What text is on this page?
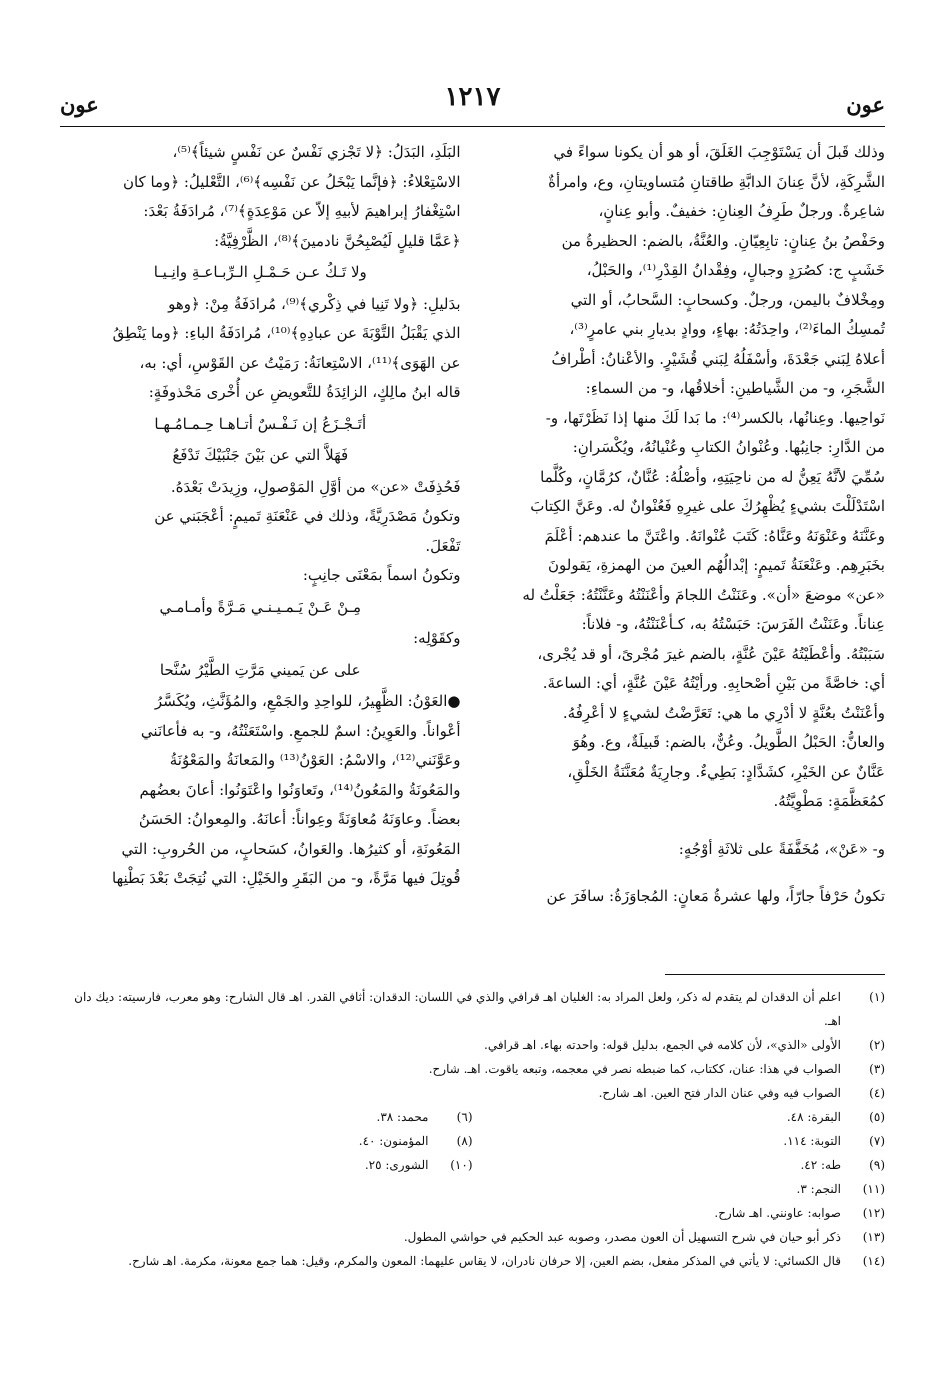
عون
١٢١٧
عون

وذلك قَبلَ أن يَسْتَوْجِبَ الغَلَقَ، أو هو أن يكونا سواءً في

الشَّرِكَةِ، لأنَّ عِنانَ الدابَّةِ طاقتانِ مُتساويتانِ، وع، وامرأةٌ

شاعِرةٌ. ورجلٌ طَرِفُ العِنانِ: خفيفٌ. وأبو عِنانٍ،

وحَفْصُ بنُ عِنانٍ: تابِعِيّانِ. والعُنَّةُ، بالضم: الحظيرةُ من

خَشَبٍ ج: كصُرَدٍ وجبالٍ، وفِقْدانُ القِدْرِ⁽¹⁾، والحَبْلُ،

ومِخْلافٌ باليمن، ورجلٌ. وكسحابٍ: السَّحابُ، أو التي

تُمسِكُ الماءَ⁽²⁾، واحِدَتُهُ: بهاءٍ، ووادٍ بديارِ بني عامرٍ⁽³⁾،

أعلاهُ لِبَني جَعْدَةَ، وأسْفَلُهُ لِبَني قُشَيْرٍ. والأعْنانُ: أطْرافُ

الشَّجَرِ، و- من الشَّياطينِ: أخلاقُها، و- من السماءِ:

نَواحِيها. وعِنانُها، بالكسر⁽⁴⁾: ما بَدا لَكَ منها إذا نَظَرْتَها، و-

من الدَّارِ: جانِبُها. وعُنْوانُ الكتابِ وعُنْيانُهُ، ويُكْسَرانِ:

سُمِّيَ لأنَّهُ يَعِنُّ له من ناحِيَتِهِ، وأصْلُهُ: عُنَّانٌ، كرُمَّانٍ، وكُلَّما

اسْتَدْلَلْتَ بشيءٍ يُظْهِرُكَ على غيرِهِ فَعُنْوانٌ له. وعَنَّ الكِتابَ

وعَنَّنَهُ وعَنْوَنَهُ وعَنَّاهُ: كَتَبَ عُنْوانَهُ. واعْتَنَّ ما عندهم: أعْلَمَ

بخَبَرِهِم. وعَنْعَنَةُ تَميمٍ: إبْدالُهُم العينَ من الهمزةِ، يَقولونَ

«عن» موضعَ «أن». وعَنَنْتُ اللجامَ وأعْنَنْتُهُ وعَنَّنْتُهُ: جَعَلْتُ له

عِناناً. وعَنَنْتُ الفَرَسَ: حَبَسْتُهُ به، كـأعْنَنْتُهُ، و- فلاناً:

سَبَبْتُهُ. وأعْطَيْتُهُ عَيْنَ عُنَّةٍ، بالضم غيرَ مُجْرىً، أو قد يُجْرى،

أي: خاصَّةً من بَيْنِ أصْحابِهِ. ورأيْتُهُ عَيْنَ عُنَّةٍ، أي: الساعةَ.

وأعْنَنْتُ بعُنَّةٍ لا أدْرِي ما هي: تَعَرَّضْتُ لشيءٍ لا أعْرِفُهُ.

والعانُّ: الحَبْلُ الطَّويلُ. وعُنٌّ، بالضم: قَبيلَةٌ، وع. وهُوَ

عَنَّانٌ عن الخَيْرِ، كشَدَّادٍ: بَطِيءٌ. وجارِيَةٌ مُعَنَّنَةُ الخَلْقِ،

كمُعَظَّمَةٍ: مَطْوِيَّتُهُ.

و- «عَنْ»، مُخَفَّفَةً على ثلاثَةِ أوْجُهٍ:

تكونُ حَرْفاً جارّاً، ولها عشرةُ مَعانٍ: المُجاوَزَةُ: سافَرَ عن

البَلَدِ، البَدَلُ: ﴿لا تَجْزي نَفْسٌ عن نَفْسٍ شيئاً﴾⁽⁵⁾،

الاسْتِعْلاءُ: ﴿فإنَّما يَبْخَلُ عن نَفْسِه﴾⁽⁶⁾، التَّعْليلُ: ﴿وما كان

اسْتِغْفارُ إبراهيمَ لأبيهِ إلاّ عن مَوْعِدَةٍ﴾⁽⁷⁾، مُرادَفَةُ بَعْدَ:

﴿عَمَّا قليلٍ لَيُصْبِحُنَّ نادمينَ﴾⁽⁸⁾، الظَّرْفِيَّةُ:

ولا تَـكُ عـن حَـمْـلِ الـرِّبـاعـةِ وانِـيـا

بدَليلِ: ﴿ولا تَنِيا في ذِكْري﴾⁽⁹⁾، مُرادَفَةُ مِنْ: ﴿وهو

الذي يَقْبَلُ التَّوْبَةَ عن عبادِهِ﴾⁽¹⁰⁾، مُرادَفَةُ الباءِ: ﴿وما يَنْطِقُ

عن الهَوَى﴾⁽¹¹⁾، الاسْتِعانَةُ: رَمَيْتُ عن القَوْسِ، أي: به،

قاله ابنُ مالِكٍ، الزائِدَةُ للتَّعويضِ عن أُخْرى مَحْذوفَةٍ:

أتَـجْـزَعُ إن نَـفْـسٌ أتـاهـا حِـمـامُـهـا

فَهَلاَّ التي عن بَيْنَ جَنْبَيْكَ تَدْفَعُ

فَحُذِفَتْ «عن» من أوَّلِ المَوْصولِ، وزِيدَتْ بَعْدَهُ.

وتكونُ مَصْدَرِيَّةً، وذلك في عَنْعَنَةِ تَميمٍ: أعْجَبَني عن

تَفْعَلَ.

وتكونُ اسماً بمَعْنَى جانِبٍ:

مِـنْ عَـنْ يَـمـيـنـي مَـرَّةً وأمـامـي

وكقَوْلِه:

على عن يَميني مَرَّتِ الطَّيْرُ سُنَّحا

●العَوْنُ: الظَّهِيرُ، للواحِدِ والجَمْعِ، والمُؤَنَّثِ، ويُكَسَّرُ

أعْواناً. والعَوِينُ: اسمٌ للجمعِ. واسْتَعَنْتُهُ، و- به فأعانَني

وعَوَّنَني⁽¹²⁾، والاسْمُ: العَوْنُ⁽¹³⁾ والمَعانَةُ والمَعْوُنَةُ

والمَعُونَةُ والمَعُونُ⁽¹⁴⁾، وتَعاوَنُوا واعْتَوَنُوا: أعانَ بعضُهم

بعضاً. وعاوَنَهُ مُعاوَنَةً وعِواناً: أعانَهُ. والمِعوانُ: الحَسَنُ

المَعُونَةِ، أو كثيرُها. والعَوانُ، كسَحابٍ، من الحُروبِ: التي

قُوتِلَ فيها مَرَّةً، و- من البَقَرِ والخَيْلِ: التي نُتِجَتْ بَعْدَ بَطْنِها

(١)
اعلم أن الدقدان لم يتقدم له ذكر، ولعل المراد به: الغليان اهـ قرافي والذي في اللسان: الدقدان: أثافي القدر. اهـ قال الشارح: وهو معرب، فارسيته: ديك دان اهـ.
(٢)
الأولى «الذي»، لأن كلامه في الجمع، بدليل قوله: واحدته بهاء. اهـ قرافي.
(٣)
الصواب في هذا: عنان، ككتاب، كما ضبطه نصر في معجمه، وتبعه ياقوت. اهـ. شارح.
(٤)
الصواب فيه وفي عنان الدار فتح العين. اهـ شارح.
(٥)
البقرة: ٤٨.
(٦)
محمد: ٣٨.
(٧)
التوبة: ١١٤.
(٨)
المؤمنون: ٤٠.
(٩)
طه: ٤٢.
(١٠)
الشورى: ٢٥.
(١١)
النجم: ٣.
(١٢)
صوابه: عاونني. اهـ شارح.
(١٣)
ذكر أبو حيان في شرح التسهيل أن العون مصدر، وصوبه عبد الحكيم في حواشي المطول.
(١٤)
قال الكسائي: لا يأتي في المذكر مفعل، بضم العين، إلا حرفان نادران، لا يقاس عليهما: المعون والمكرم، وقيل: هما جمع معونة، مكرمة. اهـ شارح.
